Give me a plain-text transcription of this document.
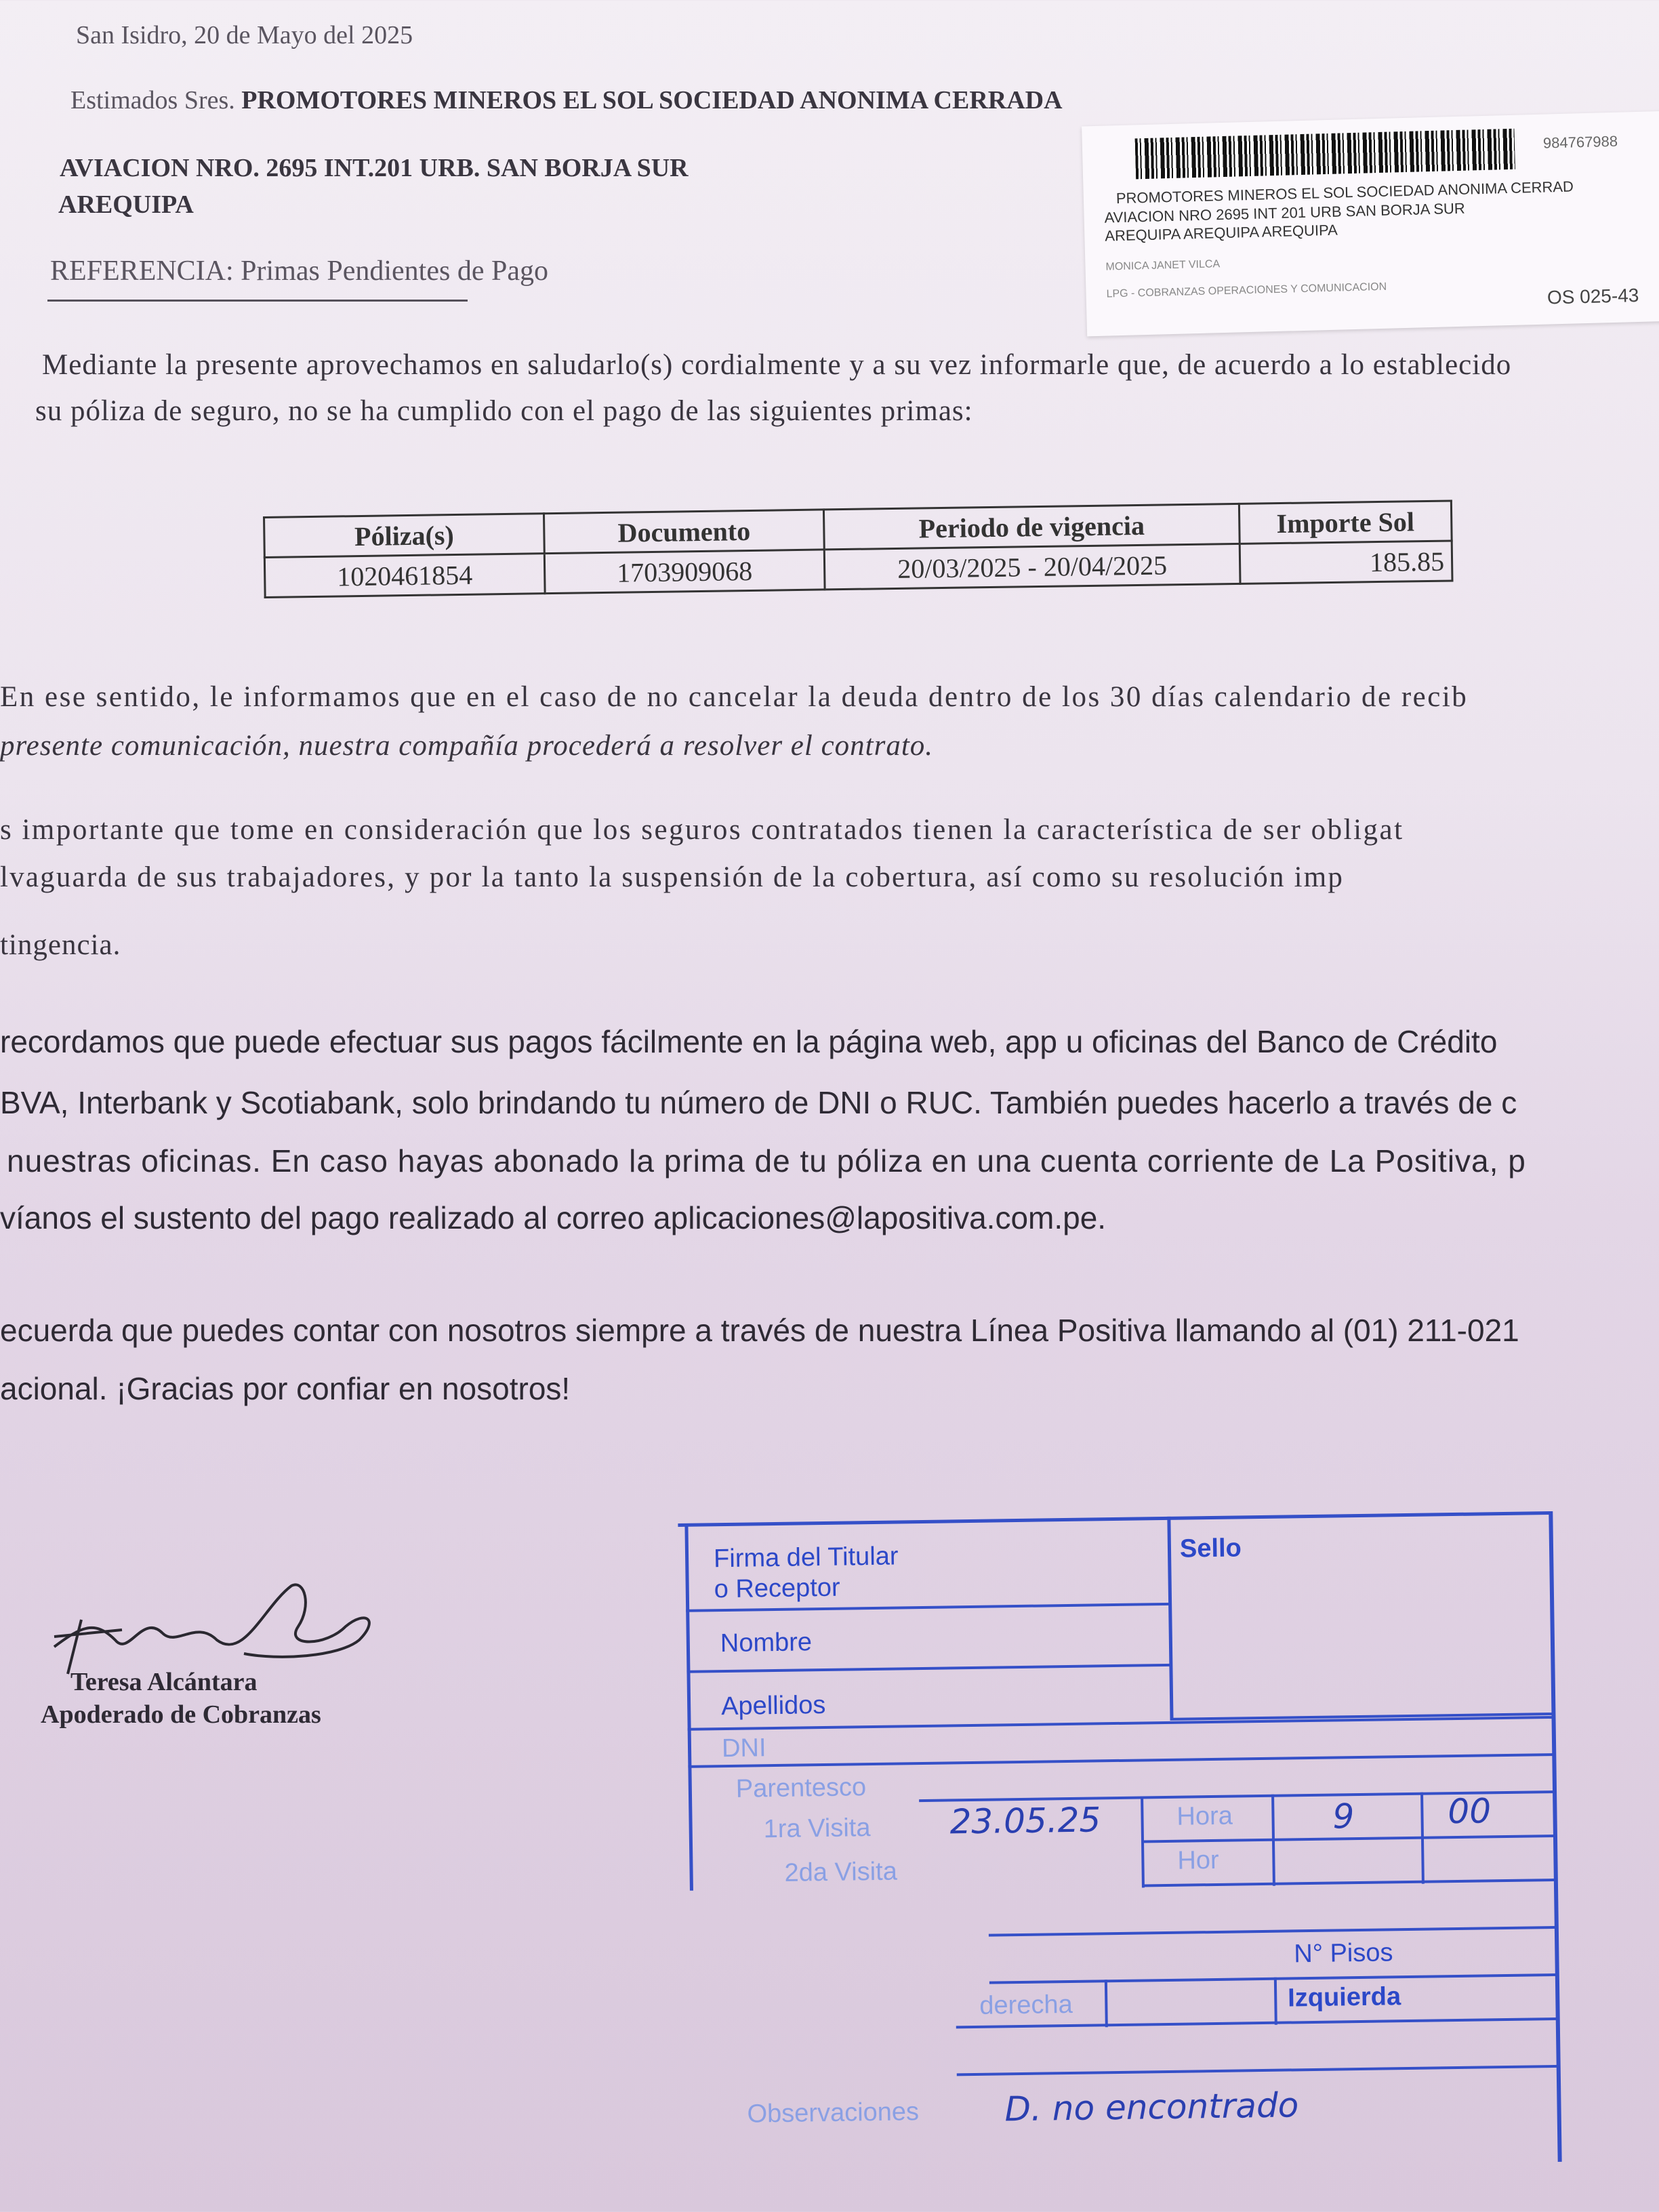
San Isidro, 20 de Mayo del 2025
Estimados Sres. PROMOTORES MINEROS EL SOL SOCIEDAD ANONIMA CERRADA
AVIACION NRO. 2695 INT.201 URB. SAN BORJA SUR
AREQUIPA
REFERENCIA: Primas Pendientes de Pago
984767988
PROMOTORES MINEROS EL SOL SOCIEDAD ANONIMA CERRAD
AVIACION NRO 2695 INT 201 URB SAN BORJA SUR
AREQUIPA AREQUIPA AREQUIPA
MONICA JANET VILCA
LPG - COBRANZAS OPERACIONES Y COMUNICACION	OS 025-43
Mediante la presente aprovechamos en saludarlo(s) cordialmente y a su vez informarle que, de acuerdo a lo establecido
su póliza de seguro, no se ha cumplido con el pago de las siguientes primas:
Póliza(s)	Documento	Periodo de vigencia	Importe Sol
1020461854	1703909068	20/03/2025 - 20/04/2025	185.85
En ese sentido, le informamos que en el caso de no cancelar la deuda dentro de los 30 días calendario de recib
presente comunicación, nuestra compañía procederá a resolver el contrato.
s importante que tome en consideración que los seguros contratados tienen la característica de ser obligat
lvaguarda de sus trabajadores, y por la tanto la suspensión de la cobertura, así como su resolución imp
tingencia.
recordamos que puede efectuar sus pagos fácilmente en la página web, app u oficinas del Banco de Crédito
BVA, Interbank y Scotiabank, solo brindando tu número de DNI o RUC. También puedes hacerlo a través de c
nuestras oficinas. En caso hayas abonado la prima de tu póliza en una cuenta corriente de La Positiva, p
víanos el sustento del pago realizado al correo aplicaciones@lapositiva.com.pe.
ecuerda que puedes contar con nosotros siempre a través de nuestra Línea Positiva llamando al (01) 211-021
acional. ¡Gracias por confiar en nosotros!
Teresa Alcántara
Apoderado de Cobranzas
Firma del Titular
o Receptor
Sello
Nombre
Apellidos
DNI
Parentesco
1ra Visita 23.05.25	Hora	9	00
2da Visita	Hor
N° Pisos
derecha	Izquierda
Observaciones	D. no encontrado
